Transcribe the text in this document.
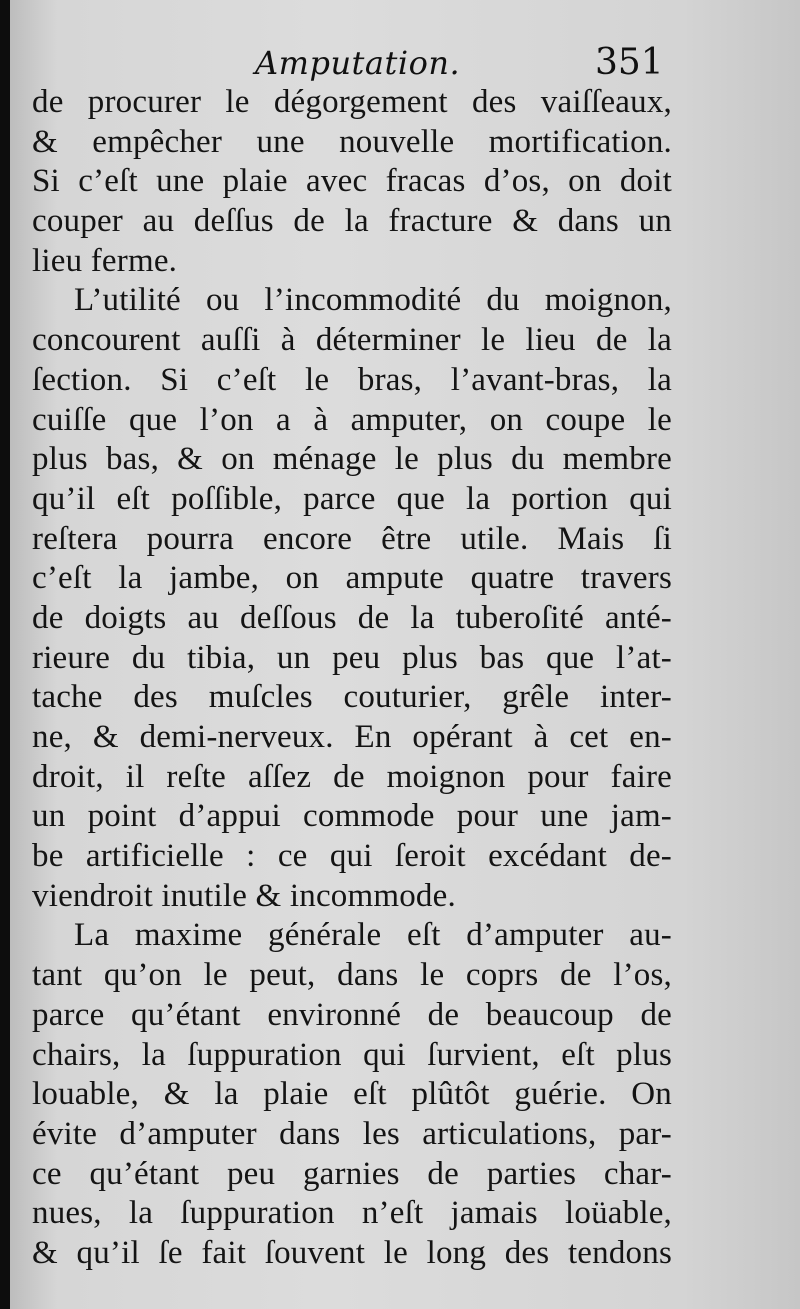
Amputation.	351
de procurer le dégorgement des vaiſſeaux,
& empêcher une nouvelle mortification.
Si c’eſt une plaie avec fracas d’os, on doit
couper au deſſus de la fracture & dans un
lieu ferme.
L’utilité ou l’incommodité du moignon,
concourent auſſi à déterminer le lieu de la
ſection. Si c’eſt le bras, l’avant-bras, la
cuiſſe que l’on a à amputer, on coupe le
plus bas, & on ménage le plus du membre
qu’il eſt poſſible, parce que la portion qui
reſtera pourra encore être utile. Mais ſi
c’eſt la jambe, on ampute quatre travers
de doigts au deſſous de la tuberoſité anté-
rieure du tibia, un peu plus bas que l’at-
tache des muſcles couturier, grêle inter-
ne, & demi-nerveux. En opérant à cet en-
droit, il reſte aſſez de moignon pour faire
un point d’appui commode pour une jam-
be artificielle : ce qui ſeroit excédant de-
viendroit inutile & incommode.
La maxime générale eſt d’amputer au-
tant qu’on le peut, dans le coprs de l’os,
parce qu’étant environné de beaucoup de
chairs, la ſuppuration qui ſurvient, eſt plus
louable, & la plaie eſt plûtôt guérie. On
évite d’amputer dans les articulations, par-
ce qu’étant peu garnies de parties char-
nues, la ſuppuration n’eſt jamais loüable,
& qu’il ſe fait ſouvent le long des tendons
